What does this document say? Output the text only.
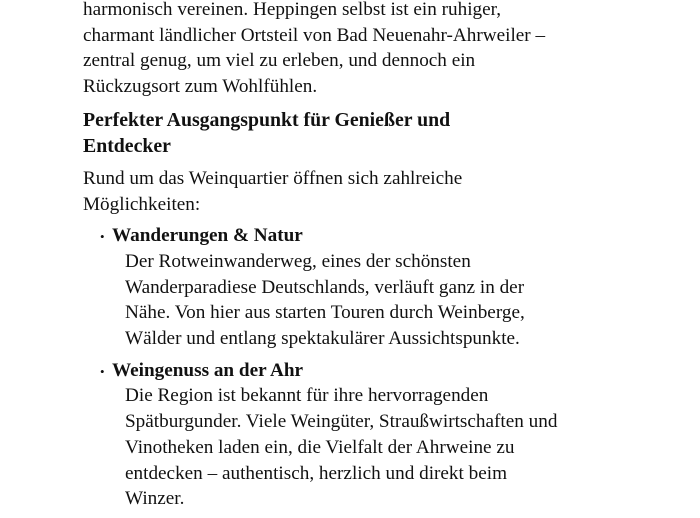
harmonisch vereinen. Heppingen selbst ist ein ruhiger,
charmant ländlicher Ortsteil von Bad Neuenahr-Ahrweiler –
zentral genug, um viel zu erleben, und dennoch ein
Rückzugsort zum Wohlfühlen.

Perfekter Ausgangspunkt für Genießer und
Entdecker

Rund um das Weinquartier öffnen sich zahlreiche
Möglichkeiten:

• Wanderungen & Natur
Der Rotweinwanderweg, eines der schönsten
Wanderparadiese Deutschlands, verläuft ganz in der
Nähe. Von hier aus starten Touren durch Weinberge,
Wälder und entlang spektakulärer Aussichtspunkte.
• Weingenuss an der Ahr
Die Region ist bekannt für ihre hervorragenden
Spätburgunder. Viele Weingüter, Straußwirtschaften und
Vinotheken laden ein, die Vielfalt der Ahrweine zu
entdecken – authentisch, herzlich und direkt beim
Winzer.
